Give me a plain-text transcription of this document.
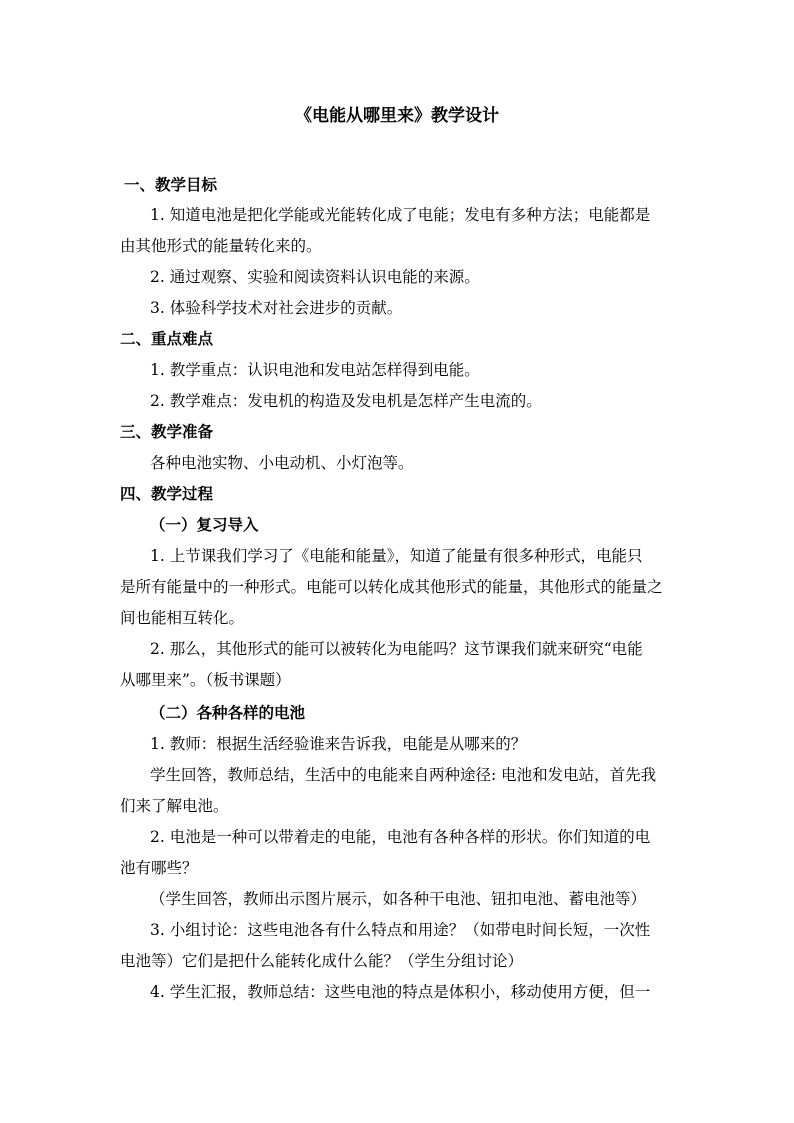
《电能从哪里来》教学设计
一、教学目标
1. 知道电池是把化学能或光能转化成了电能；发电有多种方法；电能都是
由其他形式的能量转化来的。
2. 通过观察、实验和阅读资料认识电能的来源。
3. 体验科学技术对社会进步的贡献。
二、重点难点
1. 教学重点：认识电池和发电站怎样得到电能。
2. 教学难点：发电机的构造及发电机是怎样产生电流的。
三、教学准备
各种电池实物、小电动机、小灯泡等。
四、教学过程
（一）复习导入
1. 上节课我们学习了《电能和能量》，知道了能量有很多种形式，电能只
是所有能量中的一种形式。电能可以转化成其他形式的能量，其他形式的能量之
间也能相互转化。
2. 那么，其他形式的能可以被转化为电能吗？这节课我们就来研究“电能
从哪里来”。（板书课题）
（二）各种各样的电池
1. 教师：根据生活经验谁来告诉我，电能是从哪来的？
学生回答，教师总结，生活中的电能来自两种途径: 电池和发电站，首先我
们来了解电池。
2. 电池是一种可以带着走的电能，电池有各种各样的形状。你们知道的电
池有哪些？
（学生回答，教师出示图片展示，如各种干电池、钮扣电池、蓄电池等）
3. 小组讨论：这些电池各有什么特点和用途？（如带电时间长短，一次性
电池等）它们是把什么能转化成什么能？（学生分组讨论）
4. 学生汇报，教师总结：这些电池的特点是体积小，移动使用方便，但一
